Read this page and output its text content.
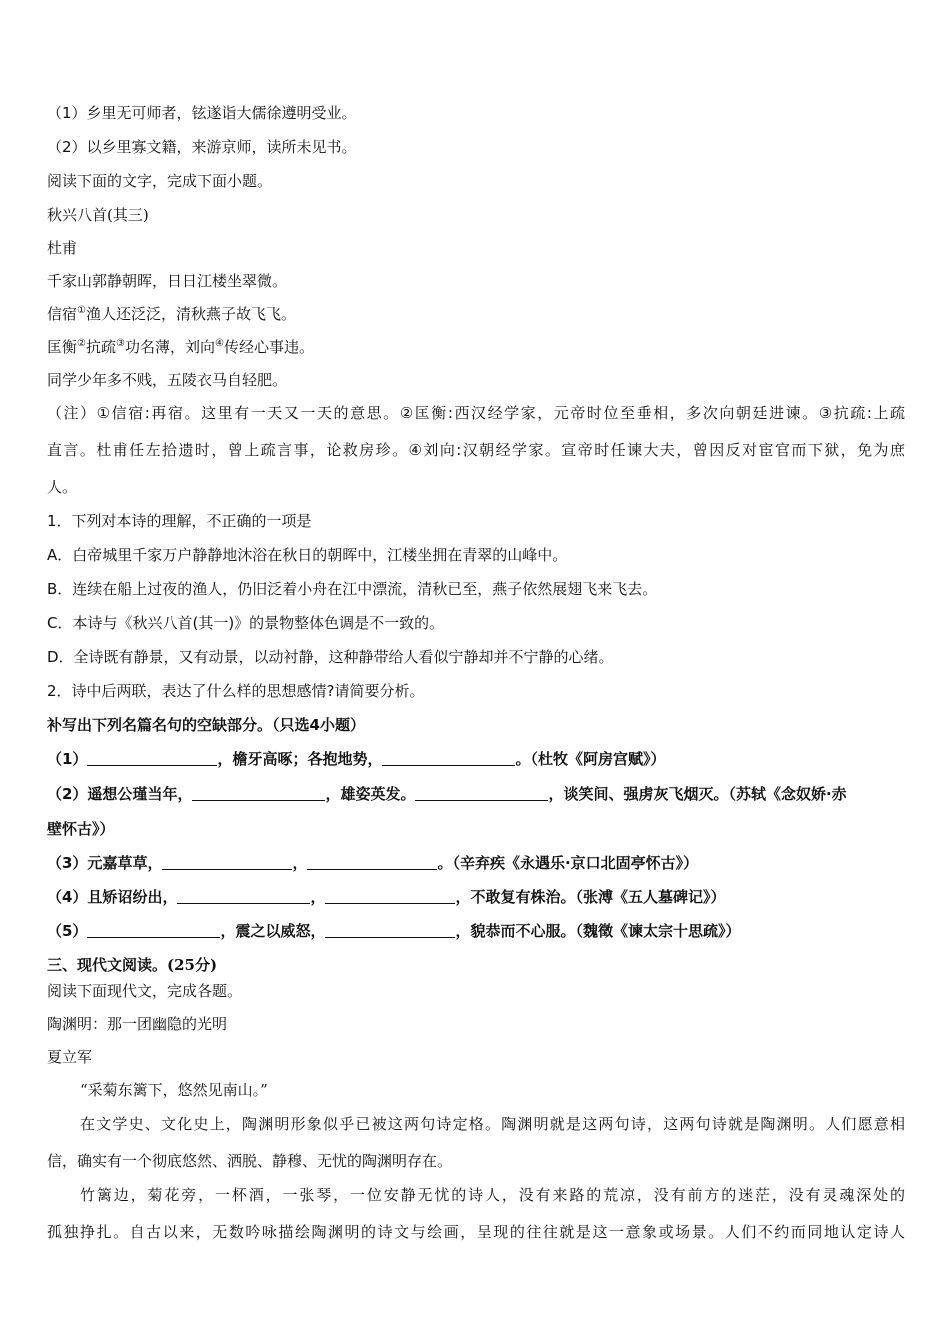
（1）乡里无可师者，铉遂诣大儒徐遵明受业。
（2）以乡里寡文籍，来游京师，读所未见书。
阅读下面的文字，完成下面小题。
秋兴八首(其三)
杜甫
千家山郭静朝晖，日日江楼坐翠微。
信宿①渔人还泛泛，清秋燕子故飞飞。
匡衡②抗疏③功名薄，刘向④传经心事违。
同学少年多不贱，五陵衣马自轻肥。
（注）①信宿:再宿。这里有一天又一天的意思。②匡衡:西汉经学家，元帝时位至垂相，多次向朝廷进谏。③抗疏:上疏
直言。杜甫任左拾遗时，曾上疏言事，论救房珍。④刘向:汉朝经学家。宣帝时任谏大夫，曾因反对宦官而下狱，免为庶
人。
1．下列对本诗的理解，不正确的一项是
A．白帝城里千家万户静静地沐浴在秋日的朝晖中，江楼坐拥在青翠的山峰中。
B．连续在船上过夜的渔人，仍旧泛着小舟在江中漂流，清秋已至，燕子依然展翅飞来飞去。
C．本诗与《秋兴八首(其一)》的景物整体色调是不一致的。
D．全诗既有静景，又有动景，以动衬静，这种静带给人看似宁静却并不宁静的心绪。
2．诗中后两联，表达了什么样的思想感情?请简要分析。
补写出下列名篇名句的空缺部分。（只选4小题）
（1）	，檐牙高啄；各抱地势，	。（杜牧《阿房宫赋》）
（2）遥想公瑾当年，	，雄姿英发。	，谈笑间、强虏灰飞烟灭。（苏轼《念奴娇·赤
壁怀古》）
（3）元嘉草草，	，	。（辛弃疾《永遇乐·京口北固亭怀古》）
（4）且矫诏纷出，	，	，不敢复有株治。（张溥《五人墓碑记》）
（5）	，震之以威怒，	，貌恭而不心服。（魏徵《谏太宗十思疏》）
三、现代文阅读。(25分)
阅读下面现代文，完成各题。
陶渊明：那一团幽隐的光明
夏立军
“采菊东篱下，悠然见南山。”
在文学史、文化史上，陶渊明形象似乎已被这两句诗定格。陶渊明就是这两句诗，这两句诗就是陶渊明。人们愿意相
信，确实有一个彻底悠然、洒脱、静穆、无忧的陶渊明存在。
竹篱边，菊花旁，一杯酒，一张琴，一位安静无忧的诗人，没有来路的荒凉，没有前方的迷茫，没有灵魂深处的
孤独挣扎。自古以来，无数吟咏描绘陶渊明的诗文与绘画，呈现的往往就是这一意象或场景。人们不约而同地认定诗人
